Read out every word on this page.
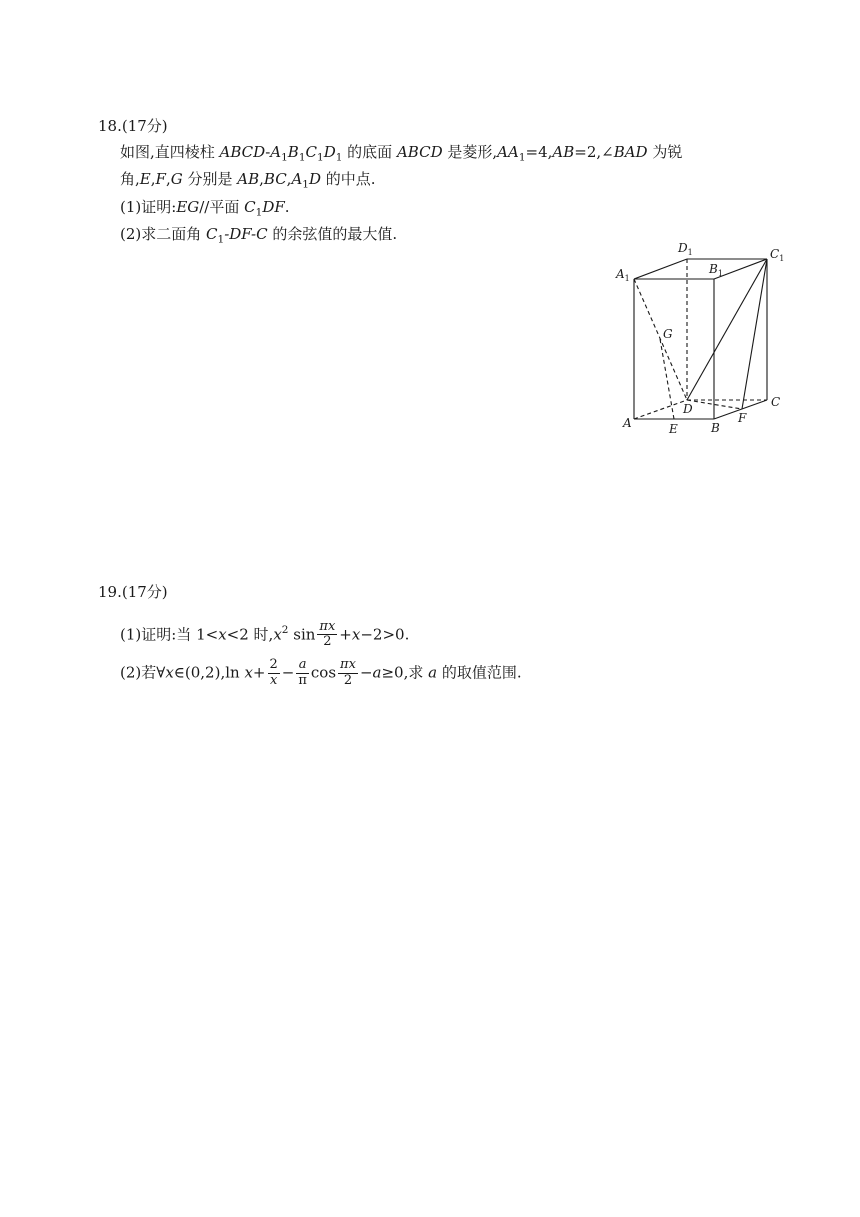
18.(17分)
如图,直四棱柱 ABCD-$A_1B_1C_1D_1$ 的底面 ABCD 是菱形$,AA_1=4,AB=2,\angle BAD$ 为锐
角,E,F,G 分别是 $AB,BC,A_1D$ 的中点.
(1)证明:EG//平面 $C_1DF$.
(2)求二面角 $C_1-DF-C$ 的余弦值的最大值.
$A_1$
$D_1$
$B_1$
$C_1$
G
D
A	E	B
F
C
19.(17分)
(1)证明:当 1<x<2 时$,x^2$ $\sin \frac{\pi x}{2} +x-2>0$.
(2)若∀x∈(0,2),ln $x+ \frac{2}{x} - \frac{a}{\pi}$ $\cos \frac{\pi x}{2} -a\ge 0$,求 a 的取值范围.
